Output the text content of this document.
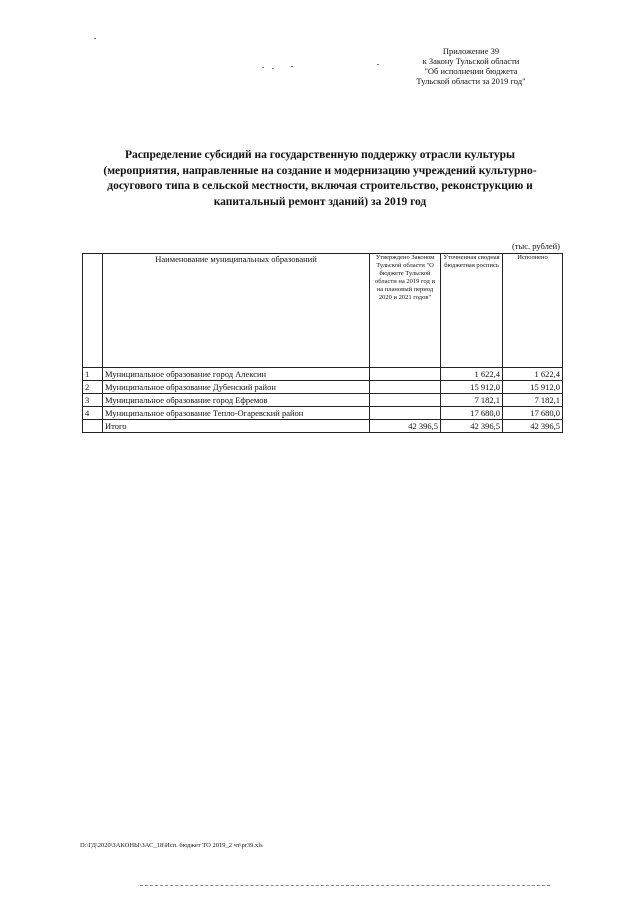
Приложение 39
к Закону Тульской области
"Об исполнении бюджета
Тульской области за 2019 год"
Распределение субсидий на государственную поддержку отрасли культуры
(мероприятия, направленные на создание и модернизацию учреждений культурно-
досугового типа в сельской местности, включая строительство, реконструкцию и
капитальный ремонт зданий) за 2019 год
(тыс. рублей)
	Наименование муниципальных образований	Утверждено Законом Тульской области "О бюджете Тульской области на 2019 год и на плановый период 2020 и 2021 годов"	Уточненная сводная бюджетная роспись	Исполнено
1	Муниципальное образование город Алексин		1 622,4	1 622,4
2	Муниципальное образование Дубенский район		15 912,0	15 912,0
3	Муниципальное образование город Ефремов		7 182,1	7 182,1
4	Муниципальное образование Тепло-Огаревский район		17 680,0	17 680,0
	Итого	42 396,5	42 396,5	42 396,5
D:\ГД\2020\ЗАКОНЫ\ЗАС_18\Исп. бюджет ТО 2019_2 чт\pr39.xls
